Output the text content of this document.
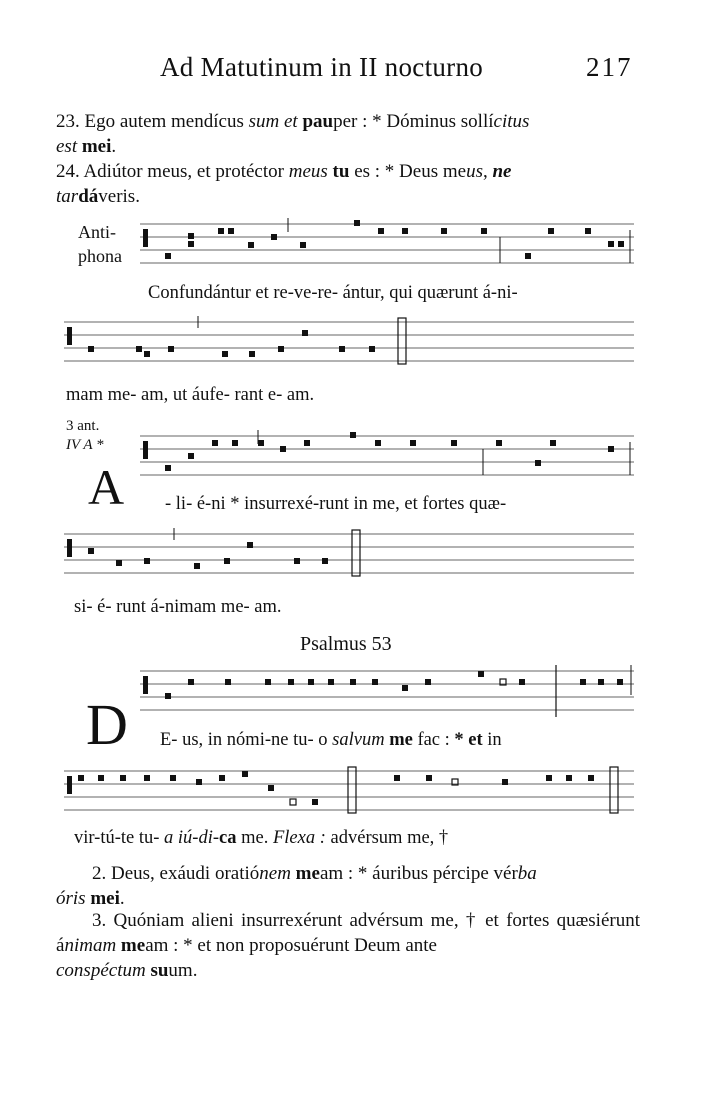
Ad Matutinum in II nocturno	217
23. Ego autem mendícus sum et pauper : * Dóminus sollícitus
est mei.
24. Adiútor meus, et protéctor meus tu es : * Deus meus, ne
tardáveris.
Anti-
phona
Confundántur et re-ve-re- ántur, qui quærunt á-ni-
mam me- am, ut áufe- rant e- am.
3 ant.
IV A *
A - li- é-ni * insurrexé-runt in me, et fortes quæ-
si- é- runt á-nimam me- am.
Psalmus 53
D E- us, in nómi-ne tu- o salvum me fac : * et in
vir-tú-te tu- a iú-di-ca me. Flexa : advérsum me, †
2. Deus, exáudi oratiónem meam : * áuribus pércipe vérba
óris mei.
3. Quóniam alieni insurrexérunt advérsum me, † et fortes quæsiérunt ánimam meam : * et non proposuérunt Deum ante
conspéctum suum.
